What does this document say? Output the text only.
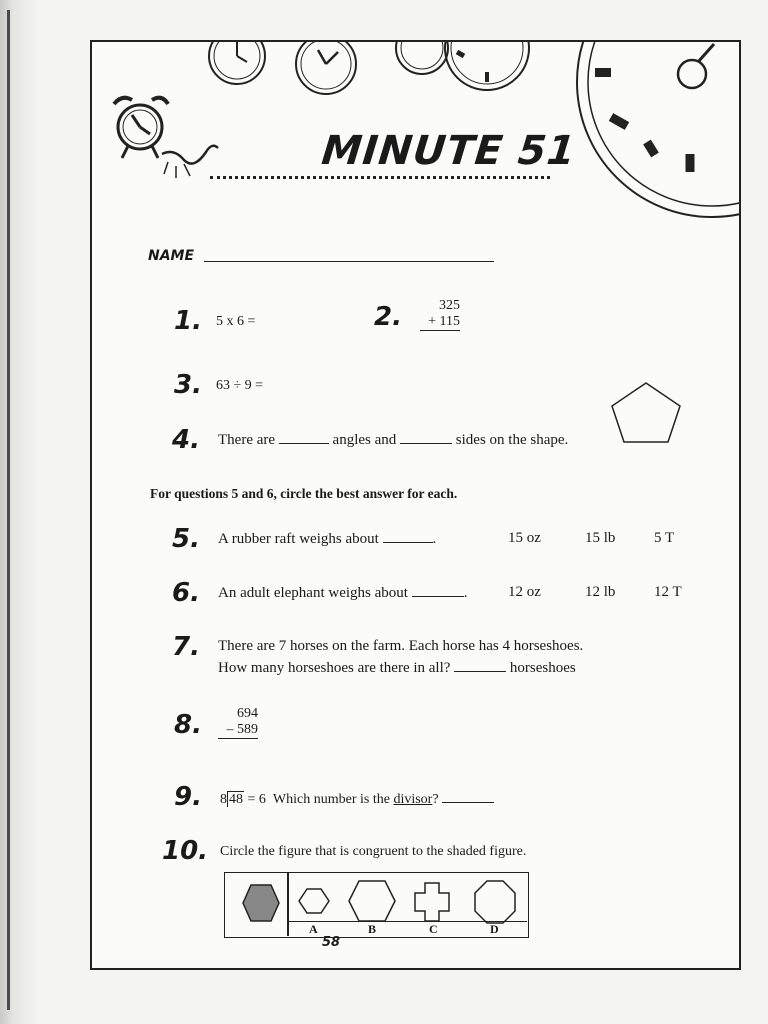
MINUTE 51
NAME
1. 5 x 6 =	2.	325
+ 115
3. 63 ÷ 9 =
4. There are	angles and	sides on the shape.
For questions 5 and 6, circle the best answer for each.
5. A rubber raft weighs about	.	15 oz	15 lb	5 T
6. An adult elephant weighs about	.	12 oz	12 lb	12 T
7. There are 7 horses on the farm. Each horse has 4 horseshoes.
How many horseshoes are there in all?	horseshoes
8.	694
– 589
9. 8 48 = 6 Which number is the divisor?
10. Circle the figure that is congruent to the shaded figure.
A	B	C	D
58
